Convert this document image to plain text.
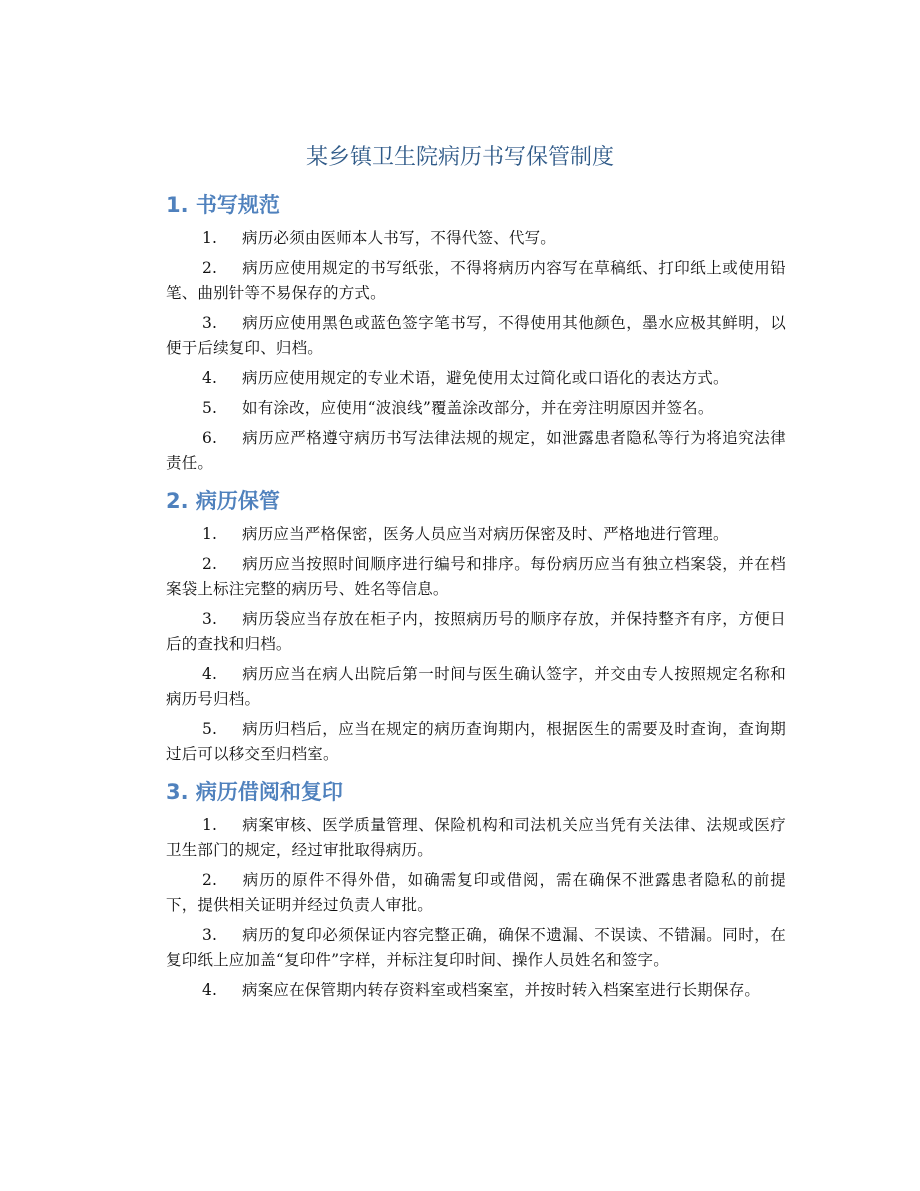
某乡镇卫生院病历书写保管制度
1. 书写规范

1. 病历必须由医师本人书写，不得代签、代写。

2. 病历应使用规定的书写纸张，不得将病历内容写在草稿纸、打印纸上或使用铅笔、曲别针等不易保存的方式。

3. 病历应使用黑色或蓝色签字笔书写，不得使用其他颜色，墨水应极其鲜明，以便于后续复印、归档。

4. 病历应使用规定的专业术语，避免使用太过简化或口语化的表达方式。

5. 如有涂改，应使用“波浪线”覆盖涂改部分，并在旁注明原因并签名。

6. 病历应严格遵守病历书写法律法规的规定，如泄露患者隐私等行为将追究法律责任。

2. 病历保管

1. 病历应当严格保密，医务人员应当对病历保密及时、严格地进行管理。

2. 病历应当按照时间顺序进行编号和排序。每份病历应当有独立档案袋，并在档案袋上标注完整的病历号、姓名等信息。

3. 病历袋应当存放在柜子内，按照病历号的顺序存放，并保持整齐有序，方便日后的查找和归档。

4. 病历应当在病人出院后第一时间与医生确认签字，并交由专人按照规定名称和病历号归档。

5. 病历归档后，应当在规定的病历查询期内，根据医生的需要及时查询，查询期过后可以移交至归档室。

3. 病历借阅和复印

1. 病案审核、医学质量管理、保险机构和司法机关应当凭有关法律、法规或医疗卫生部门的规定，经过审批取得病历。

2. 病历的原件不得外借，如确需复印或借阅，需在确保不泄露患者隐私的前提下，提供相关证明并经过负责人审批。

3. 病历的复印必须保证内容完整正确，确保不遗漏、不误读、不错漏。同时，在复印纸上应加盖“复印件”字样，并标注复印时间、操作人员姓名和签字。

4. 病案应在保管期内转存资料室或档案室，并按时转入档案室进行长期保存。
